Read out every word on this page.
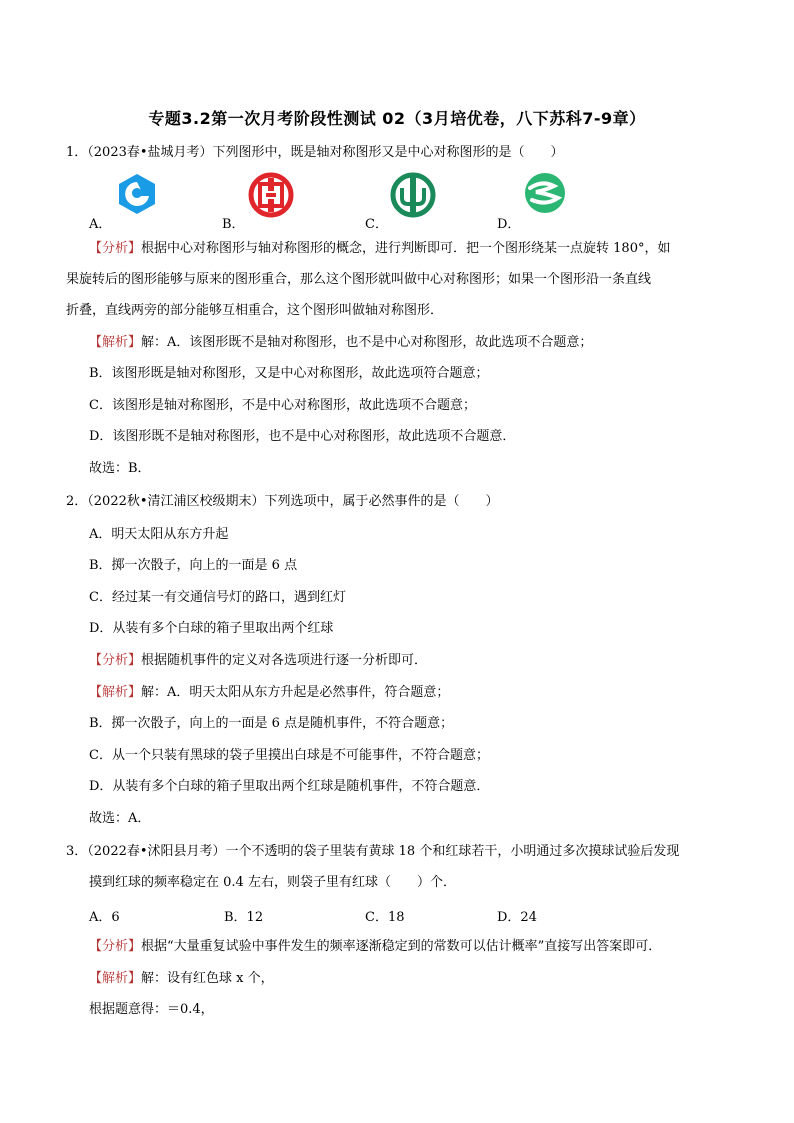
专题3.2第一次月考阶段性测试 02（3月培优卷，八下苏科7-9章）
1．（2023春•盐城月考）下列图形中，既是轴对称图形又是中心对称图形的是（　　）
A．	B．	C．	D．
【分析】根据中心对称图形与轴对称图形的概念，进行判断即可．把一个图形绕某一点旋转 180°，如
果旋转后的图形能够与原来的图形重合，那么这个图形就叫做中心对称图形；如果一个图形沿一条直线
折叠，直线两旁的部分能够互相重合，这个图形叫做轴对称图形．
【解析】解：A．该图形既不是轴对称图形，也不是中心对称图形，故此选项不合题意；
B．该图形既是轴对称图形，又是中心对称图形，故此选项符合题意；
C．该图形是轴对称图形，不是中心对称图形，故此选项不合题意；
D．该图形既不是轴对称图形，也不是中心对称图形，故此选项不合题意．
故选：B．
2．（2022秋•清江浦区校级期末）下列选项中，属于必然事件的是（　　）
A．明天太阳从东方升起
B．掷一次骰子，向上的一面是 6 点
C．经过某一有交通信号灯的路口，遇到红灯
D．从装有多个白球的箱子里取出两个红球
【分析】根据随机事件的定义对各选项进行逐一分析即可．
【解析】解：A．明天太阳从东方升起是必然事件，符合题意；
B．掷一次骰子，向上的一面是 6 点是随机事件，不符合题意；
C．从一个只装有黑球的袋子里摸出白球是不可能事件，不符合题意；
D．从装有多个白球的箱子里取出两个红球是随机事件，不符合题意．
故选：A．
3．（2022春•沭阳县月考）一个不透明的袋子里装有黄球 18 个和红球若干，小明通过多次摸球试验后发现
摸到红球的频率稳定在 0.4 左右，则袋子里有红球（　　）个．
A．6	B．12	C．18	D．24
【分析】根据“大量重复试验中事件发生的频率逐渐稳定到的常数可以估计概率”直接写出答案即可．
【解析】解：设有红色球 x 个，
根据题意得：＝0.4，
